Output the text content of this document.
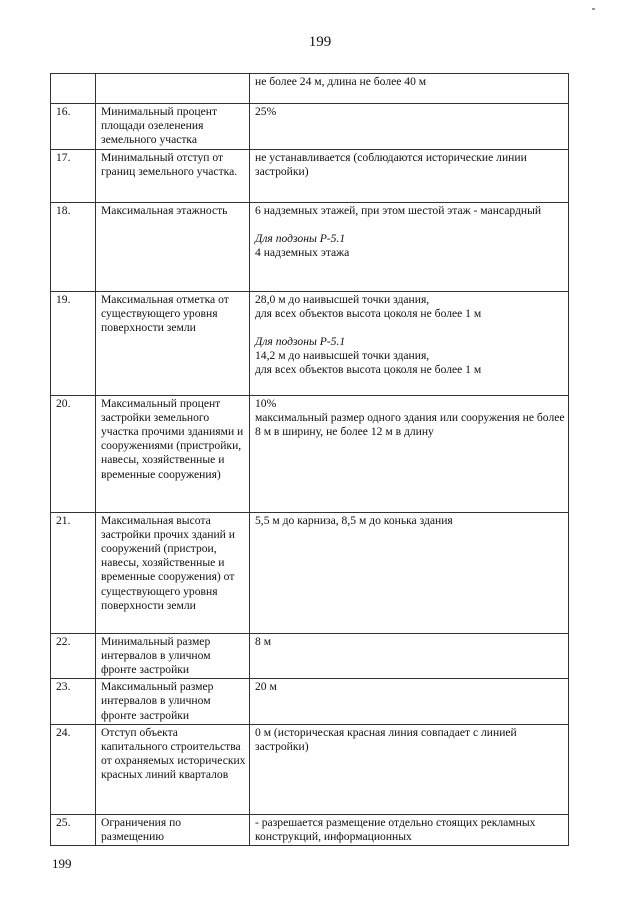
199

		не более 24 м, длина не более 40 м

16.	Минимальный процент площади озеленения земельного участка	25%

17.	Минимальный отступ от границ земельного участка.	не устанавливается (соблюдаются исторические линии застройки)

18.	Максимальная этажность	6 надземных этажей, при этом шестой этаж - мансардный
Для подзоны Р-5.1
4 надземных этажа

19.	Максимальная отметка от существующего уровня поверхности земли	28,0 м до наивысшей точки здания,
для всех объектов высота цоколя не более 1 м
Для подзоны Р-5.1
14,2 м до наивысшей точки здания,
для всех объектов высота цоколя не более 1 м

20.	Максимальный процент застройки земельного участка прочими зданиями и сооружениями (пристройки, навесы, хозяйственные и временные сооружения)	10%
максимальный размер одного здания или сооружения не более 8 м в ширину, не более 12 м в длину

21.	Максимальная высота застройки прочих зданий и сооружений (пристрои, навесы, хозяйственные и временные сооружения) от существующего уровня поверхности земли	5,5 м до карниза, 8,5 м до конька здания

22.	Минимальный размер интервалов в уличном фронте застройки	8 м

23.	Максимальный размер интервалов в уличном фронте застройки	20 м

24.	Отступ объекта капитального строительства от охраняемых исторических красных линий кварталов	0 м (историческая красная линия совпадает с линией застройки)

25.	Ограничения по размещению	- разрешается размещение отдельно стоящих рекламных конструкций, информационных
199
